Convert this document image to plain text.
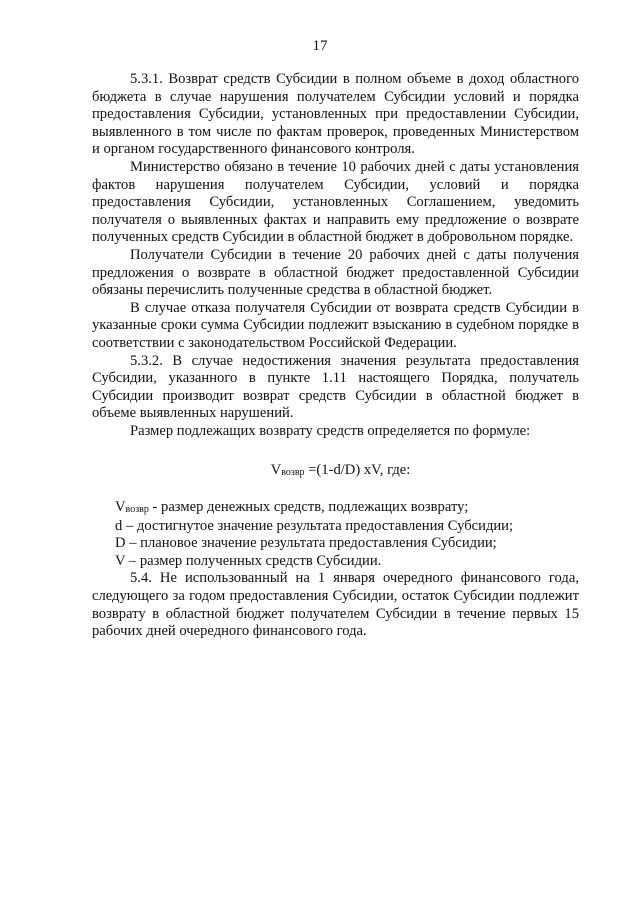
17

5.3.1. Возврат средств Субсидии в полном объеме в доход областного бюджета в случае нарушения получателем Субсидии условий и порядка предоставления Субсидии, установленных при предоставлении Субсидии, выявленного в том числе по фактам проверок, проведенных Министерством и органом государственного финансового контроля.

Министерство обязано в течение 10 рабочих дней с даты установления фактов нарушения получателем Субсидии, условий и порядка предоставления Субсидии, установленных Соглашением, уведомить получателя о выявленных фактах и направить ему предложение о возврате полученных средств Субсидии в областной бюджет в добровольном порядке.

Получатели Субсидии в течение 20 рабочих дней с даты получения предложения о возврате в областной бюджет предоставленной Субсидии обязаны перечислить полученные средства в областной бюджет.

В случае отказа получателя Субсидии от возврата средств Субсидии в указанные сроки сумма Субсидии подлежит взысканию в судебном порядке в соответствии с законодательством Российской Федерации.

5.3.2. В случае недостижения значения результата предоставления Субсидии, указанного в пункте 1.11 настоящего Порядка, получатель Субсидии производит возврат средств Субсидии в областной бюджет в объеме выявленных нарушений.

Размер подлежащих возврату средств определяется по формуле:

$V_{возвр} =(1-d/D)$ xV, где:

$V_{возвр}$ - размер денежных средств, подлежащих возврату;

d – достигнутое значение результата предоставления Субсидии;

D – плановое значение результата предоставления Субсидии;

V – размер полученных средств Субсидии.

5.4. Не использованный на 1 января очередного финансового года, следующего за годом предоставления Субсидии, остаток Субсидии подлежит возврату в областной бюджет получателем Субсидии в течение первых 15 рабочих дней очередного финансового года.
